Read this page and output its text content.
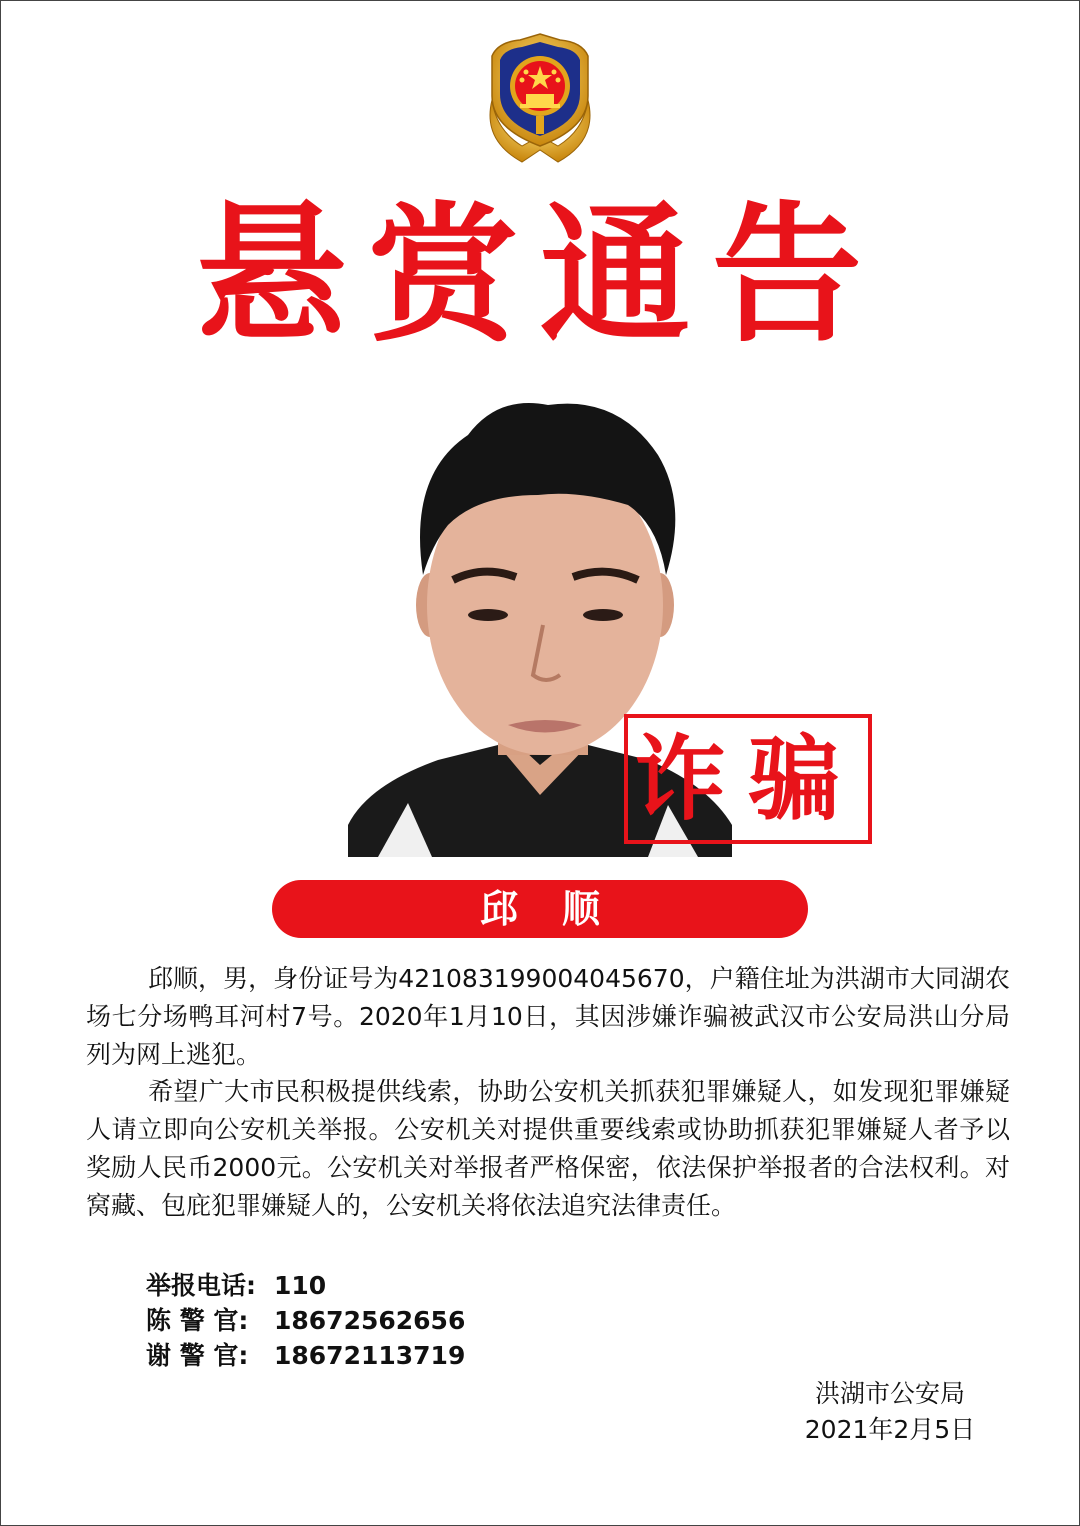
悬赏通告
诈骗
邱顺

邱顺，男，身份证号为421083199004045670，户籍住址为洪湖市大同湖农场七分场鸭耳河村7号。2020年1月10日，其因涉嫌诈骗被武汉市公安局洪山分局列为网上逃犯。

希望广大市民积极提供线索，协助公安机关抓获犯罪嫌疑人，如发现犯罪嫌疑人请立即向公安机关举报。公安机关对提供重要线索或协助抓获犯罪嫌疑人者予以奖励人民币2000元。公安机关对举报者严格保密，依法保护举报者的合法权利。对窝藏、包庇犯罪嫌疑人的，公安机关将依法追究法律责任。

举报电话: 110
陈 警 官: 18672562656
谢 警 官: 18672113719
洪湖市公安局
2021年2月5日
